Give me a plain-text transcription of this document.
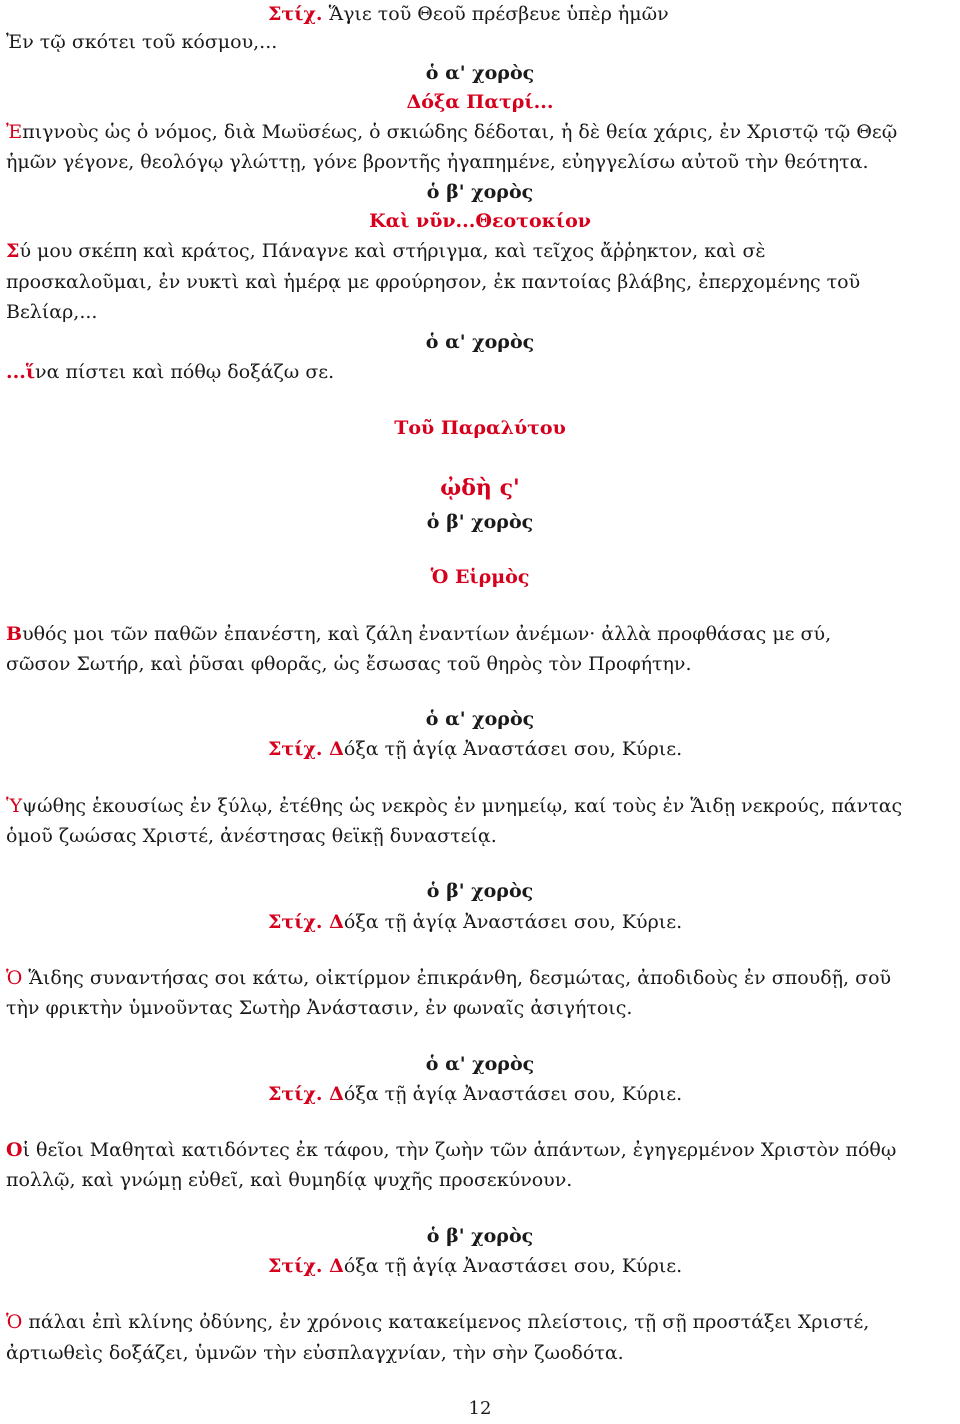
Στίχ. Ἅγιε τοῦ Θεοῦ πρέσβευε ὑπὲρ ἡμῶν
Ἐν τῷ σκότει τοῦ κόσμου,...
ὁ α' χορὸς
Δόξα Πατρί...
Ἐπιγνοὺς ὡς ὁ νόμος, διὰ Μωϋσέως, ὁ σκιώδης δέδοται, ἡ δὲ θεία χάρις, ἐν Χριστῷ τῷ Θεῷ
ἡμῶν γέγονε, θεολόγῳ γλώττῃ, γόνε βροντῆς ἠγαπημένε, εὐηγγελίσω αὐτοῦ τὴν θεότητα.
ὁ β' χορὸς
Καὶ νῦν...Θεοτοκίον
Σύ μου σκέπη καὶ κράτος, Πάναγνε καὶ στήριγμα, καὶ τεῖχος ἄῤῥηκτον, καὶ σὲ
προσκαλοῦμαι, ἐν νυκτὶ καὶ ἡμέρᾳ με φρούρησον, ἐκ παντοίας βλάβης, ἐπερχομένης τοῦ
Βελίαρ,...
ὁ α' χορὸς
...ἵνα πίστει καὶ πόθῳ δοξάζω σε.
Τοῦ Παραλύτου
ᾠδὴ ς'
ὁ β' χορὸς
Ὁ Εἱρμὸς
Βυθός μοι τῶν παθῶν ἐπανέστη, καὶ ζάλη ἐναντίων ἀνέμων· ἀλλὰ προφθάσας με σύ,
σῶσον Σωτήρ, καὶ ῥῦσαι φθορᾶς, ὡς ἔσωσας τοῦ θηρὸς τὸν Προφήτην.
ὁ α' χορὸς
Στίχ. Δόξα τῇ ἁγίᾳ Ἀναστάσει σου, Κύριε.
Ὑψώθης ἑκουσίως ἐν ξύλῳ, ἐτέθης ὡς νεκρὸς ἐν μνημείῳ, καί τοὺς ἐν Ἅιδῃ νεκρούς, πάντας
ὁμοῦ ζωώσας Χριστέ, ἀνέστησας θεϊκῇ δυναστείᾳ.
ὁ β' χορὸς
Στίχ. Δόξα τῇ ἁγίᾳ Ἀναστάσει σου, Κύριε.
Ὁ Ἅιδης συναντήσας σοι κάτω, οἰκτίρμον ἐπικράνθη, δεσμώτας, ἀποδιδοὺς ἐν σπουδῇ, σοῦ
τὴν φρικτὴν ὑμνοῦντας Σωτὴρ Ἀνάστασιν, ἐν φωναῖς ἀσιγήτοις.
ὁ α' χορὸς
Στίχ. Δόξα τῇ ἁγίᾳ Ἀναστάσει σου, Κύριε.
Οἱ θεῖοι Μαθηταὶ κατιδόντες ἐκ τάφου, τὴν ζωὴν τῶν ἁπάντων, ἐγηγερμένον Χριστὸν πόθῳ
πολλῷ, καὶ γνώμῃ εὐθεῖ, καὶ θυμηδίᾳ ψυχῆς προσεκύνουν.
ὁ β' χορὸς
Στίχ. Δόξα τῇ ἁγίᾳ Ἀναστάσει σου, Κύριε.
Ὁ πάλαι ἐπὶ κλίνης ὀδύνης, ἐν χρόνοις κατακείμενος πλείστοις, τῇ σῇ προστάξει Χριστέ,
ἀρτιωθεὶς δοξάζει, ὑμνῶν τὴν εὐσπλαγχνίαν, τὴν σὴν ζωοδότα.
12
